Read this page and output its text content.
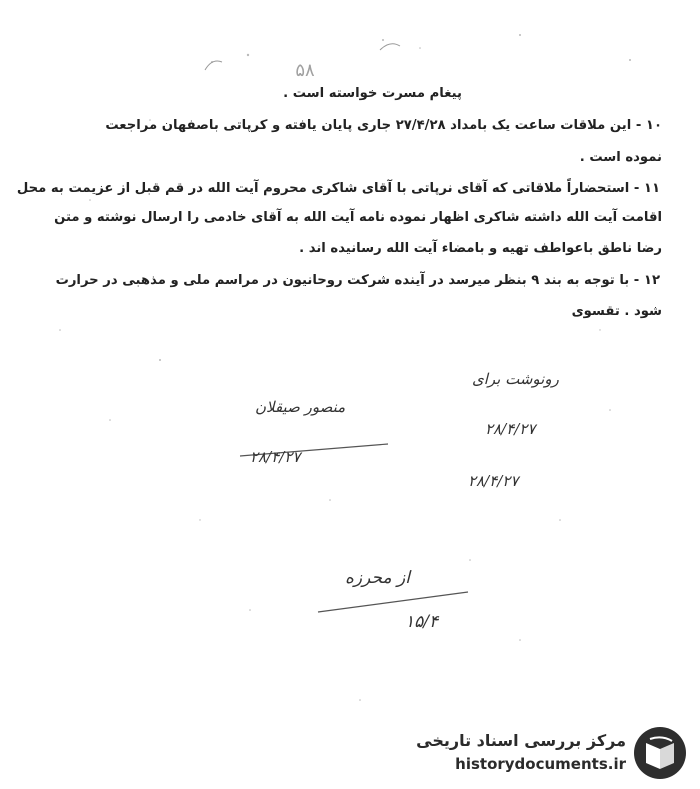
۵۸
پیغام مسرت خواسته است .
۱۰ - این ملاقات ساعت یک بامداد ۲۷/۴/۲۸ جاری پایان یافته و کرپاتی باصفهان مراجعت
نموده است .
۱۱ - استحضاراً ملاقاتی که آقای نرپاتی با آقای شاکری محروم آیت الله در قم قبل از عزیمت به محل
اقامت آیت الله داشته شاکری اظهار نموده نامه آیت الله به آقای خادمی را ارسال نوشته و متن
رضا ناطق باعواطف تهیه و بامضاء آیت الله رسانیده اند .
۱۲ - با توجه به بند ۹ بنظر میرسد در آینده شرکت روحانیون در مراسم ملی و مذهبی در حرارت
شود . تقسوی
منصور صیقلان
۲۸/۴/۲۷
رونوشت برای
۲۸/۴/۲۷
۲۸/۴/۲۷
از محرزه
۱۵/۴
مرکز بررسی اسناد تاریخی
historydocuments.ir
